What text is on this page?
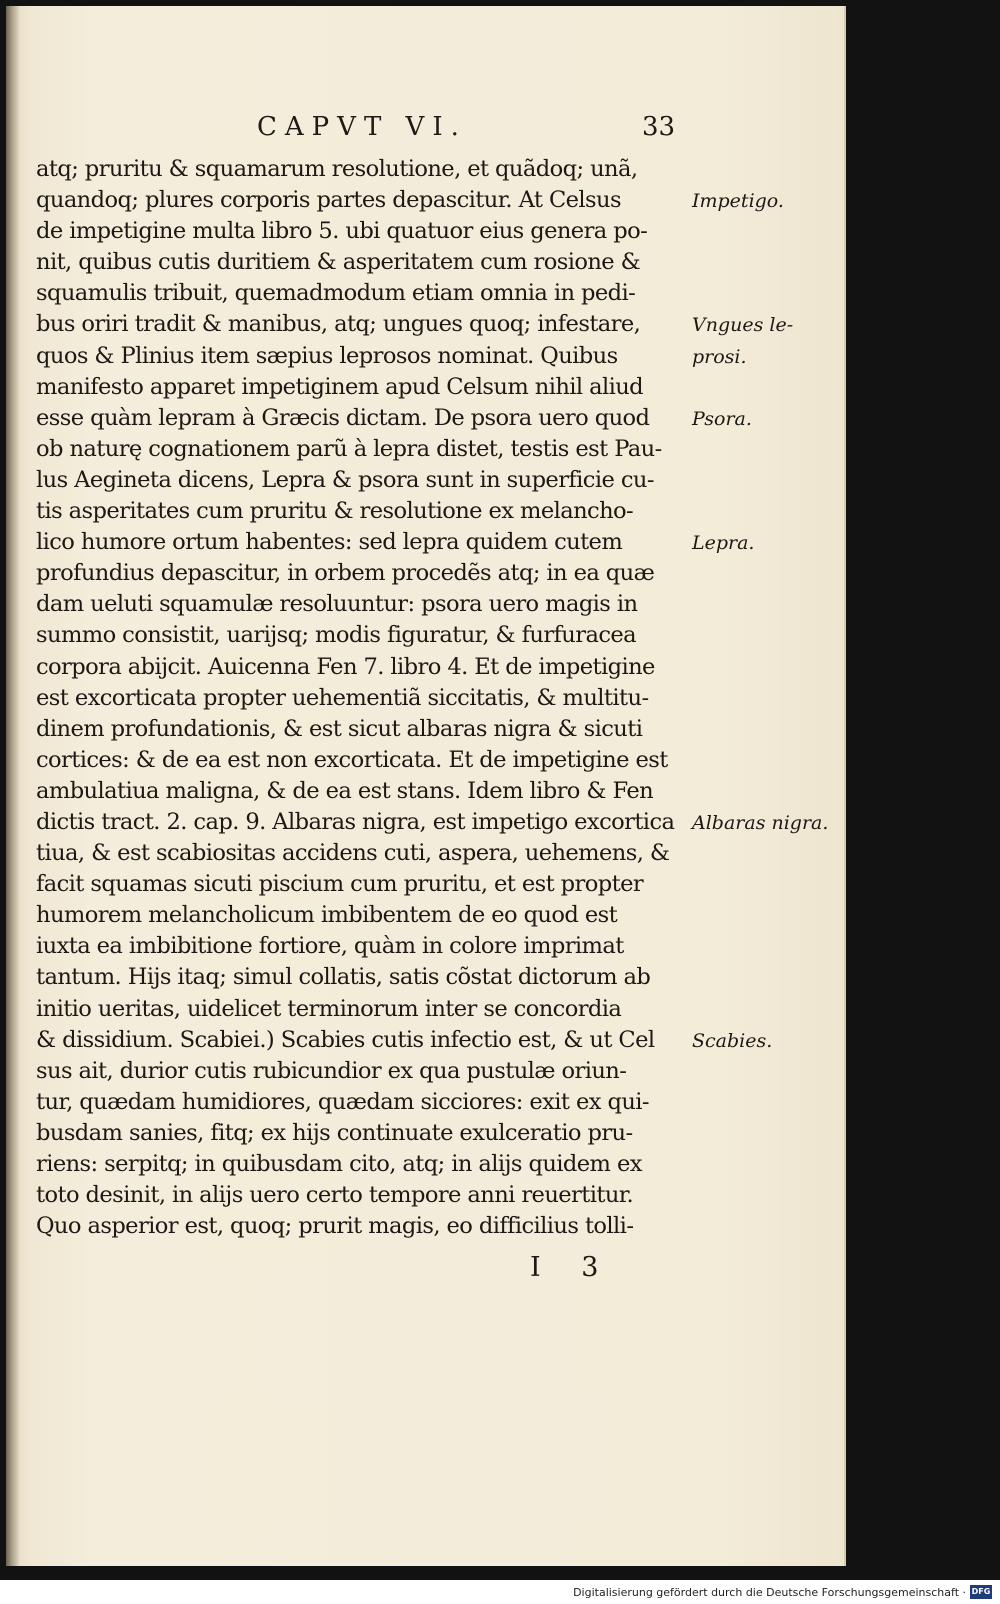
CAPVT VI.	33
atq; pruritu & squamarum resolutione, et quãdoq; unã,
quandoq; plures corporis partes depascitur. At Celsus
de impetigine multa libro 5. ubi quatuor eius genera po-
nit, quibus cutis duritiem & asperitatem cum rosione &
squamulis tribuit, quemadmodum etiam omnia in pedi-
bus oriri tradit & manibus, atq; ungues quoq; infestare,
quos & Plinius item sæpius leprosos nominat. Quibus
manifesto apparet impetiginem apud Celsum nihil aliud
esse quàm lepram à Græcis dictam. De psora uero quod
ob naturę cognationem parũ à lepra distet, testis est Pau-
lus Aegineta dicens, Lepra & psora sunt in superficie cu-
tis asperitates cum pruritu & resolutione ex melancho-
lico humore ortum habentes: sed lepra quidem cutem
profundius depascitur, in orbem procedẽs atq; in ea quæ
dam ueluti squamulæ resoluuntur: psora uero magis in
summo consistit, uarijsq; modis figuratur, & furfuracea
corpora abijcit. Auicenna Fen 7. libro 4. Et de impetigine
est excorticata propter uehementiã siccitatis, & multitu-
dinem profundationis, & est sicut albaras nigra & sicuti
cortices: & de ea est non excorticata. Et de impetigine est
ambulatiua maligna, & de ea est stans. Idem libro & Fen
dictis tract. 2. cap. 9. Albaras nigra, est impetigo excortica
tiua, & est scabiositas accidens cuti, aspera, uehemens, &
facit squamas sicuti piscium cum pruritu, et est propter
humorem melancholicum imbibentem de eo quod est
iuxta ea imbibitione fortiore, quàm in colore imprimat
tantum. Hijs itaq; simul collatis, satis cõstat dictorum ab
initio ueritas, uidelicet terminorum inter se concordia
& dissidium. Scabiei.) Scabies cutis infectio est, & ut Cel
sus ait, durior cutis rubicundior ex qua pustulæ oriun-
tur, quædam humidiores, quædam sicciores: exit ex qui-
busdam sanies, fitq; ex hijs continuate exulceratio pru-
riens: serpitq; in quibusdam cito, atq; in alijs quidem ex
toto desinit, in alijs uero certo tempore anni reuertitur.
Quo asperior est, quoq; prurit magis, eo difficilius tolli-
Impetigo.
Vngues le-
prosi.
Psora.
Lepra.
Albaras nigra.
Scabies.
I 3
Digitalisierung gefördert durch die Deutsche Forschungsgemeinschaft · DFG
